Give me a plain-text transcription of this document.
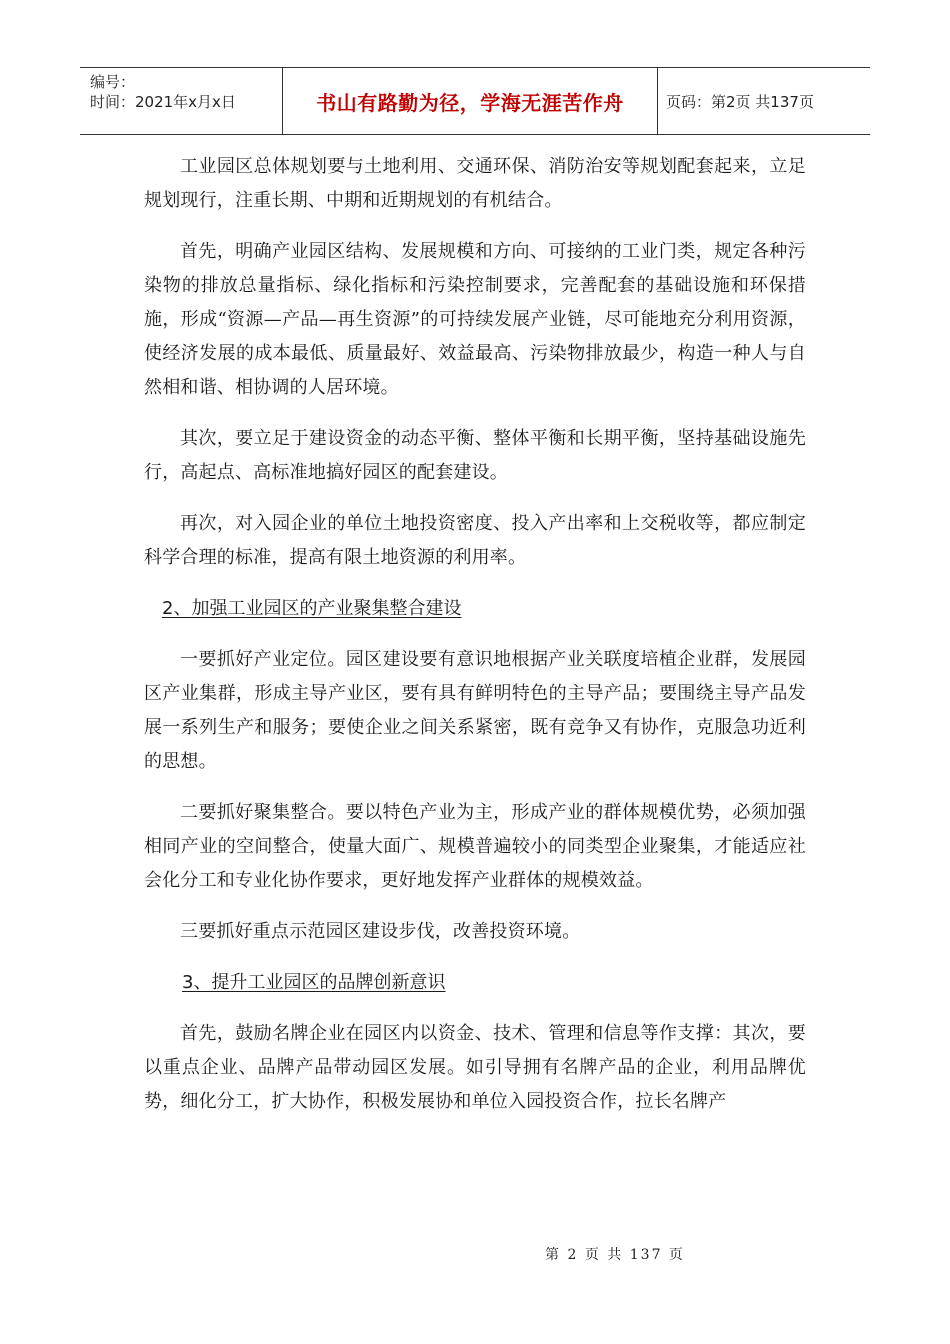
编号：
时间：2021年x月x日	书山有路勤为径，学海无涯苦作舟	页码：第2页 共137页

工业园区总体规划要与土地利用、交通环保、消防治安等规划配套起来，立足规划现行，注重长期、中期和近期规划的有机结合。

首先，明确产业园区结构、发展规模和方向、可接纳的工业门类，规定各种污染物的排放总量指标、绿化指标和污染控制要求，完善配套的基础设施和环保措施，形成“资源—产品—再生资源”的可持续发展产业链，尽可能地充分利用资源，使经济发展的成本最低、质量最好、效益最高、污染物排放最少，构造一种人与自然相和谐、相协调的人居环境。

其次，要立足于建设资金的动态平衡、整体平衡和长期平衡，坚持基础设施先行，高起点、高标准地搞好园区的配套建设。

再次，对入园企业的单位土地投资密度、投入产出率和上交税收等，都应制定科学合理的标准，提高有限土地资源的利用率。

2、加强工业园区的产业聚集整合建设

一要抓好产业定位。园区建设要有意识地根据产业关联度培植企业群，发展园区产业集群，形成主导产业区，要有具有鲜明特色的主导产品；要围绕主导产品发展一系列生产和服务；要使企业之间关系紧密，既有竞争又有协作，克服急功近利的思想。

二要抓好聚集整合。要以特色产业为主，形成产业的群体规模优势，必须加强相同产业的空间整合，使量大面广、规模普遍较小的同类型企业聚集，才能适应社会化分工和专业化协作要求，更好地发挥产业群体的规模效益。

三要抓好重点示范园区建设步伐，改善投资环境。

3、提升工业园区的品牌创新意识

首先，鼓励名牌企业在园区内以资金、技术、管理和信息等作支撑：其次，要以重点企业、品牌产品带动园区发展。如引导拥有名牌产品的企业，利用品牌优势，细化分工，扩大协作，积极发展协和单位入园投资合作，拉长名牌产

第 2 页 共 137 页
